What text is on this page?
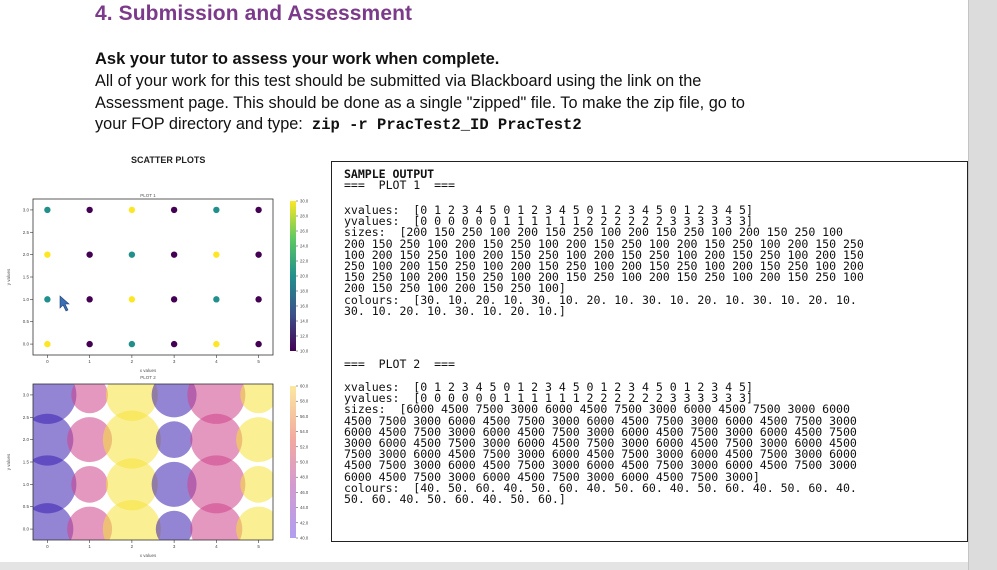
4. Submission and Assessment
Ask your tutor to assess your work when complete.
All of your work for this test should be submitted via Blackboard using the link on the
Assessment page. This should be done as a single "zipped" file. To make the zip file, go to
your FOP directory and type: zip -r PracTest2_ID PracTest2
SCATTER PLOTS
PLOT 1
0.0
0.5
1.0
1.5
2.0
2.5
3.0
0	1	2	3	4	5
x values
y values
10.0
12.0
14.0
16.0
18.0
20.0
22.0
24.0
26.0
28.0
30.0
PLOT 2
0.0
0.5
1.0
1.5
2.0
2.5
3.0
0	1	2	3	4	5
x values
y values
40.0
42.0
44.0
46.0
48.0
50.0
52.0
54.0
56.0
58.0
60.0
SAMPLE OUTPUT
===  PLOT 1  ===
xvalues:  [0 1 2 3 4 5 0 1 2 3 4 5 0 1 2 3 4 5 0 1 2 3 4 5]
yvalues:  [0 0 0 0 0 0 1 1 1 1 1 1 2 2 2 2 2 2 3 3 3 3 3 3]
sizes:  [200 150 250 100 200 150 250 100 200 150 250 100 200 150 250 100
200 150 250 100 200 150 250 100 200 150 250 100 200 150 250 100 200 150 250
100 200 150 250 100 200 150 250 100 200 150 250 100 200 150 250 100 200 150
250 100 200 150 250 100 200 150 250 100 200 150 250 100 200 150 250 100 200
150 250 100 200 150 250 100 200 150 250 100 200 150 250 100 200 150 250 100
200 150 250 100 200 150 250 100]
colours:  [30. 10. 20. 10. 30. 10. 20. 10. 30. 10. 20. 10. 30. 10. 20. 10.
30. 10. 20. 10. 30. 10. 20. 10.]
===  PLOT 2  ===
xvalues:  [0 1 2 3 4 5 0 1 2 3 4 5 0 1 2 3 4 5 0 1 2 3 4 5]
yvalues:  [0 0 0 0 0 0 1 1 1 1 1 1 2 2 2 2 2 2 3 3 3 3 3 3]
sizes:  [6000 4500 7500 3000 6000 4500 7500 3000 6000 4500 7500 3000 6000
4500 7500 3000 6000 4500 7500 3000 6000 4500 7500 3000 6000 4500 7500 3000
6000 4500 7500 3000 6000 4500 7500 3000 6000 4500 7500 3000 6000 4500 7500
3000 6000 4500 7500 3000 6000 4500 7500 3000 6000 4500 7500 3000 6000 4500
7500 3000 6000 4500 7500 3000 6000 4500 7500 3000 6000 4500 7500 3000 6000
4500 7500 3000 6000 4500 7500 3000 6000 4500 7500 3000 6000 4500 7500 3000
6000 4500 7500 3000 6000 4500 7500 3000 6000 4500 7500 3000]
colours:  [40. 50. 60. 40. 50. 60. 40. 50. 60. 40. 50. 60. 40. 50. 60. 40.
50. 60. 40. 50. 60. 40. 50. 60.]
